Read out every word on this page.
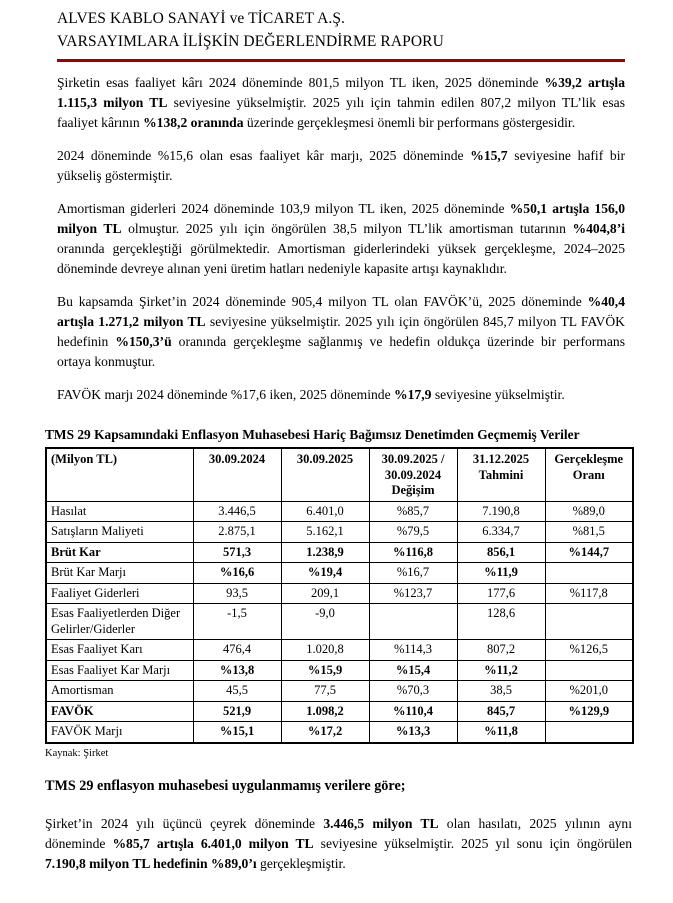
ALVES KABLO SANAYİ ve TİCARET A.Ş.
VARSAYIMLARA İLİŞKİN DEĞERLENDİRME RAPORU

Şirketin esas faaliyet kârı 2024 döneminde 801,5 milyon TL iken, 2025 döneminde %39,2 artışla 1.115,3 milyon TL seviyesine yükselmiştir. 2025 yılı için tahmin edilen 807,2 milyon TL’lik esas faaliyet kârının %138,2 oranında üzerinde gerçekleşmesi önemli bir performans göstergesidir.

2024 döneminde %15,6 olan esas faaliyet kâr marjı, 2025 döneminde %15,7 seviyesine hafif bir yükseliş göstermiştir.

Amortisman giderleri 2024 döneminde 103,9 milyon TL iken, 2025 döneminde %50,1 artışla 156,0 milyon TL olmuştur. 2025 yılı için öngörülen 38,5 milyon TL’lik amortisman tutarının %404,8’i oranında gerçekleştiği görülmektedir. Amortisman giderlerindeki yüksek gerçekleşme, 2024–2025 döneminde devreye alınan yeni üretim hatları nedeniyle kapasite artışı kaynaklıdır.

Bu kapsamda Şirket’in 2024 döneminde 905,4 milyon TL olan FAVÖK’ü, 2025 döneminde %40,4 artışla 1.271,2 milyon TL seviyesine yükselmiştir. 2025 yılı için öngörülen 845,7 milyon TL FAVÖK hedefinin %150,3’ü oranında gerçekleşme sağlanmış ve hedefin oldukça üzerinde bir performans ortaya konmuştur.

FAVÖK marjı 2024 döneminde %17,6 iken, 2025 döneminde %17,9 seviyesine yükselmiştir.

TMS 29 Kapsamındaki Enflasyon Muhasebesi Hariç Bağımsız Denetimden Geçmemiş Veriler
(Milyon TL)	30.09.2024	30.09.2025	30.09.2025 / 30.09.2024 Değişim	31.12.2025 Tahmini	Gerçekleşme Oranı
Hasılat	3.446,5	6.401,0	%85,7	7.190,8	%89,0
Satışların Maliyeti	2.875,1	5.162,1	%79,5	6.334,7	%81,5
Brüt Kar	571,3	1.238,9	%116,8	856,1	%144,7
Brüt Kar Marjı	%16,6	%19,4	%16,7	%11,9	
Faaliyet Giderleri	93,5	209,1	%123,7	177,6	%117,8
Esas Faaliyetlerden Diğer Gelirler/Giderler	-1,5	-9,0		128,6	
Esas Faaliyet Karı	476,4	1.020,8	%114,3	807,2	%126,5
Esas Faaliyet Kar Marjı	%13,8	%15,9	%15,4	%11,2	
Amortisman	45,5	77,5	%70,3	38,5	%201,0
FAVÖK	521,9	1.098,2	%110,4	845,7	%129,9
FAVÖK Marjı	%15,1	%17,2	%13,3	%11,8	
Kaynak: Şirket
TMS 29 enflasyon muhasebesi uygulanmamış verilere göre;

Şirket’in 2024 yılı üçüncü çeyrek döneminde 3.446,5 milyon TL olan hasılatı, 2025 yılının aynı döneminde %85,7 artışla 6.401,0 milyon TL seviyesine yükselmiştir. 2025 yıl sonu için öngörülen 7.190,8 milyon TL hedefinin %89,0’ı gerçekleşmiştir.
